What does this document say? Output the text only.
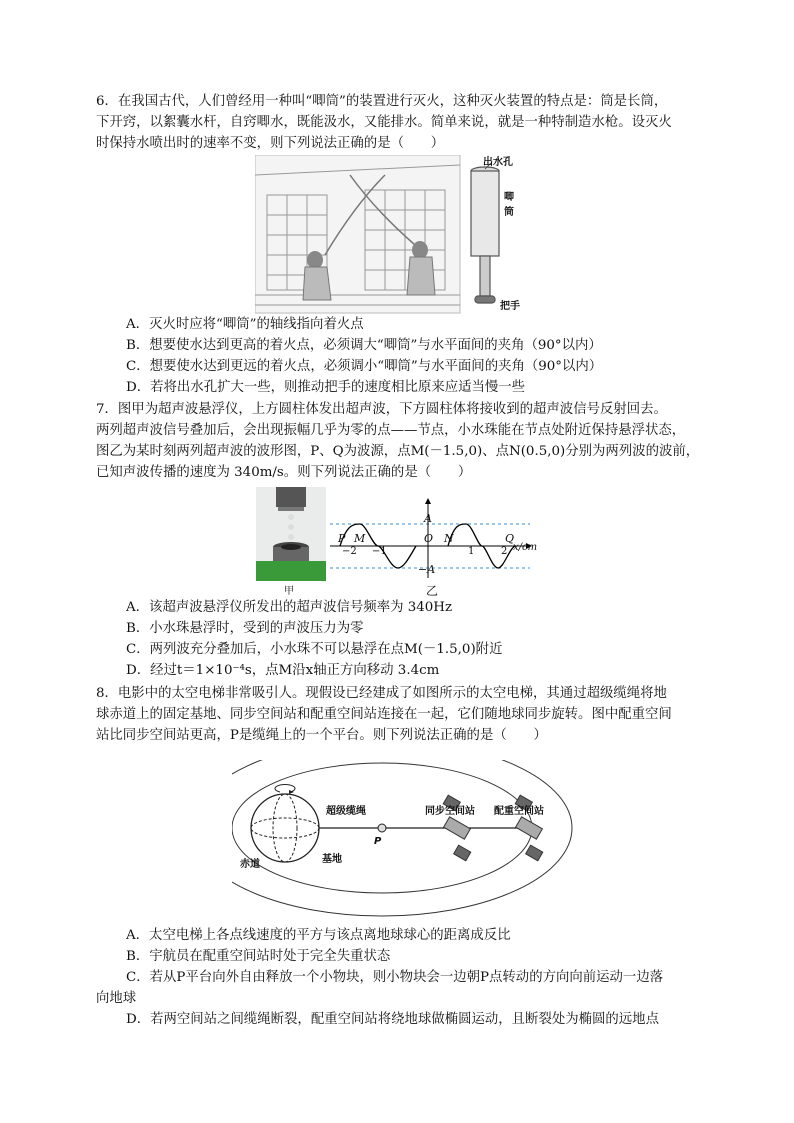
6．在我国古代，人们曾经用一种叫“唧筒”的装置进行灭火，这种灭火装置的特点是：筒是长筒，
下开窍，以絮囊水杆，自窍唧水，既能汲水，又能排水。简单来说，就是一种特制造水枪。设灭火
时保持水喷出时的速率不变，则下列说法正确的是（　　）
出水孔
唧
筒
把手
A．灭火时应将“唧筒”的轴线指向着火点
B．想要使水达到更高的着火点，必须调大“唧筒”与水平面间的夹角（90°以内）
C．想要使水达到更远的着火点，必须调小“唧筒”与水平面间的夹角（90°以内）
D．若将出水孔扩大一些，则推动把手的速度相比原来应适当慢一些
7．图甲为超声波悬浮仪，上方圆柱体发出超声波，下方圆柱体将接收到的超声波信号反射回去。
两列超声波信号叠加后，会出现振幅几乎为零的点——节点，小水珠能在节点处附近保持悬浮状态，
图乙为某时刻两列超声波的波形图，P、Q为波源，点M(－1.5,0)、点N(0.5,0)分别为两列波的波前，
已知声波传播的速度为 340m/s。则下列说法正确的是（　　）
甲
A
−A
O
P M	N	Q
−2 −1	1	2 x/cm
乙
A．该超声波悬浮仪所发出的超声波信号频率为 340Hz
B．小水珠悬浮时，受到的声波压力为零
C．两列波充分叠加后，小水珠不可以悬浮在点M(－1.5,0)附近
D．经过t＝1×10⁻⁴s，点M沿x轴正方向移动 3.4cm
8．电影中的太空电梯非常吸引人。现假设已经建成了如图所示的太空电梯，其通过超级缆绳将地
球赤道上的固定基地、同步空间站和配重空间站连接在一起，它们随地球同步旋转。图中配重空间
站比同步空间站更高，P是缆绳上的一个平台。则下列说法正确的是（　　）
超级缆绳	同步空间站 配重空间站
赤道	基地
P
A．太空电梯上各点线速度的平方与该点离地球球心的距离成反比
B．宇航员在配重空间站时处于完全失重状态
C．若从P平台向外自由释放一个小物块，则小物块会一边朝P点转动的方向向前运动一边落
向地球
D．若两空间站之间缆绳断裂，配重空间站将绕地球做椭圆运动，且断裂处为椭圆的远地点
